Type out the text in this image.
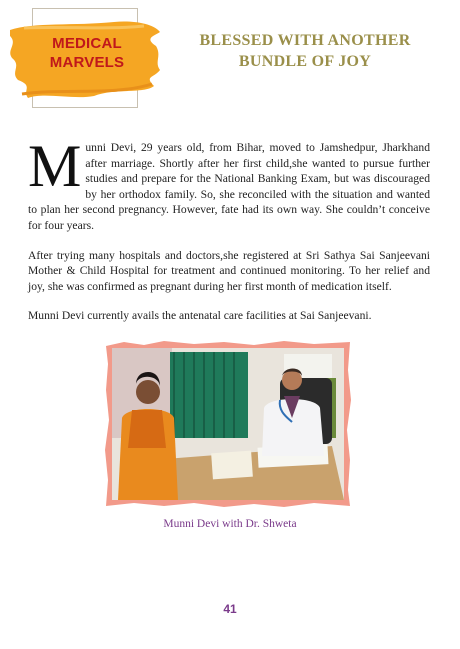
MEDICAL
MARVELS
BLESSED WITH ANOTHER
BUNDLE OF JOY

M unni Devi, 29 years old, from Bihar, moved to Jamshedpur, Jharkhand after marriage. Shortly after her first child,she wanted to pursue further studies and prepare for the National Banking Exam, but was discouraged by her orthodox family. So, she reconciled with the situation and wanted to plan her second pregnancy. However, fate had its own way. She couldn’t conceive for four years.

After trying many hospitals and doctors,she registered at Sri Sathya Sai Sanjeevani Mother & Child Hospital for treatment and continued monitoring. To her relief and joy, she was confirmed as pregnant during her first month of medication itself.

Munni Devi currently avails the antenatal care facilities at Sai Sanjeevani.

Munni Devi with Dr. Shweta
41
